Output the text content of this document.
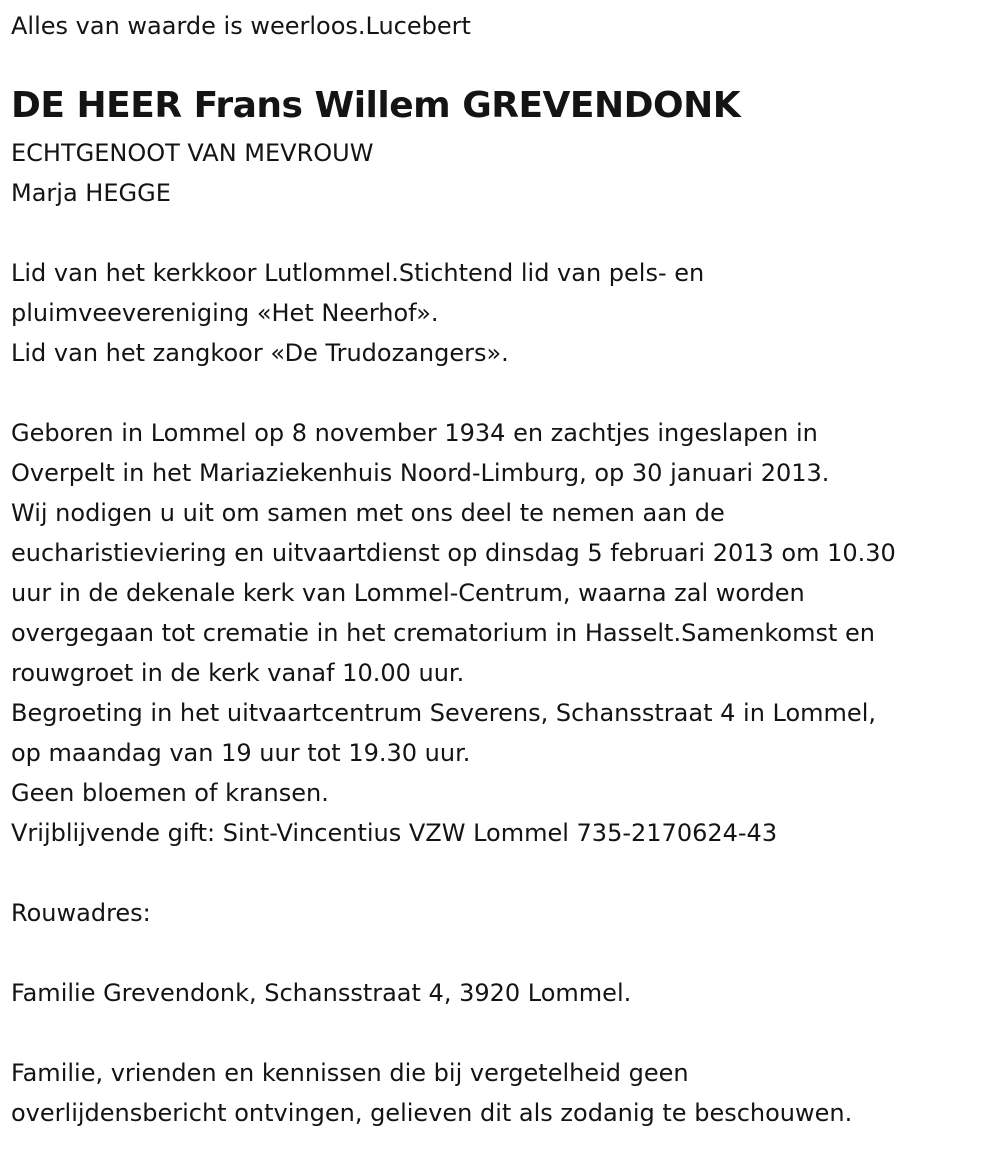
Alles van waarde is weerloos.Lucebert
DE HEER Frans Willem GREVENDONK
ECHTGENOOT VAN MEVROUW
Marja HEGGE
Lid van het kerkkoor Lutlommel.Stichtend lid van pels- en
pluimveevereniging «Het Neerhof».
Lid van het zangkoor «De Trudozangers».
Geboren in Lommel op 8 november 1934 en zachtjes ingeslapen in
Overpelt in het Mariaziekenhuis Noord-Limburg, op 30 januari 2013.
Wij nodigen u uit om samen met ons deel te nemen aan de
eucharistieviering en uitvaartdienst op dinsdag 5 februari 2013 om 10.30
uur in de dekenale kerk van Lommel-Centrum, waarna zal worden
overgegaan tot crematie in het crematorium in Hasselt.Samenkomst en
rouwgroet in de kerk vanaf 10.00 uur.
Begroeting in het uitvaartcentrum Severens, Schansstraat 4 in Lommel,
op maandag van 19 uur tot 19.30 uur.
Geen bloemen of kransen.
Vrijblijvende gift: Sint-Vincentius VZW Lommel 735-2170624-43
Rouwadres:
Familie Grevendonk, Schansstraat 4, 3920 Lommel.
Familie, vrienden en kennissen die bij vergetelheid geen
overlijdensbericht ontvingen, gelieven dit als zodanig te beschouwen.
